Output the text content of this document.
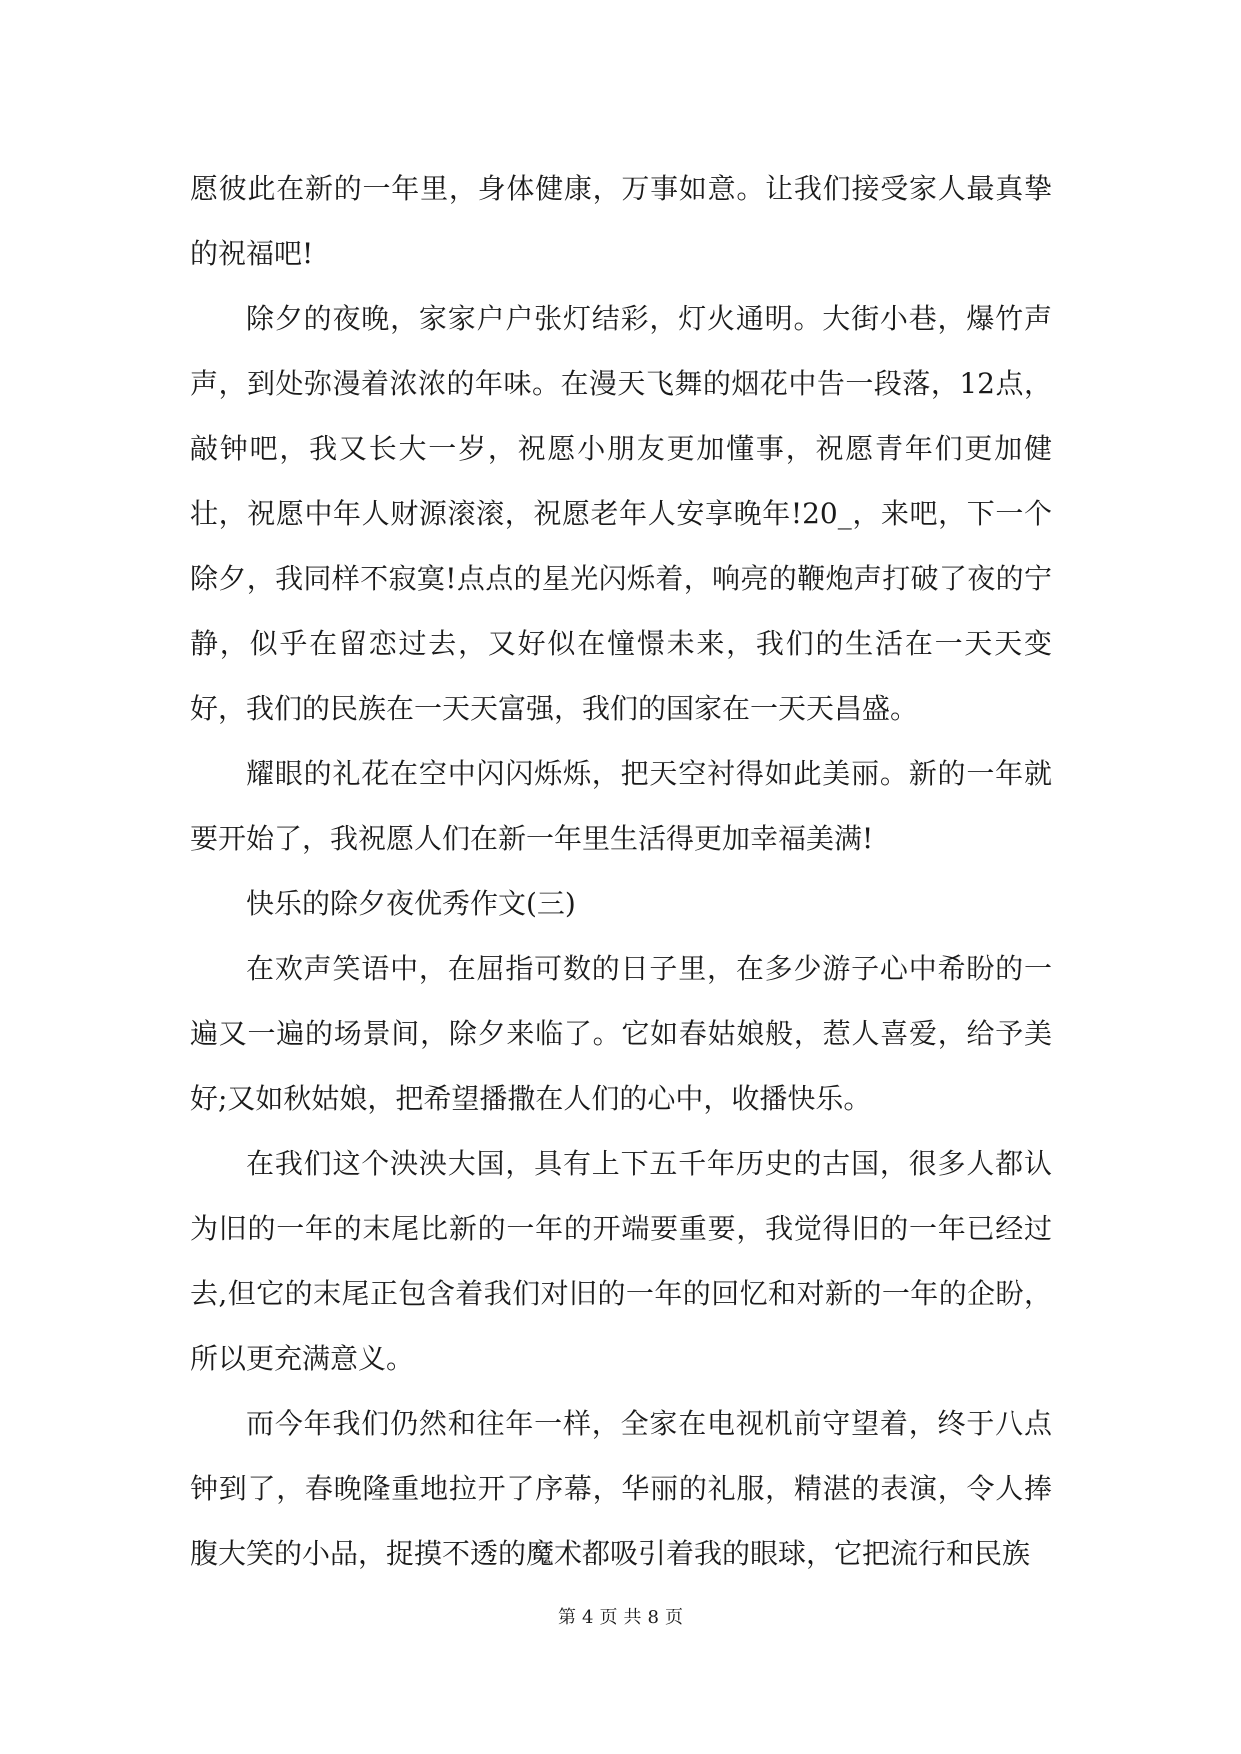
愿彼此在新的一年里，身体健康，万事如意。让我们接受家人最真挚的祝福吧!

除夕的夜晚，家家户户张灯结彩，灯火通明。大街小巷，爆竹声声，到处弥漫着浓浓的年味。在漫天飞舞的烟花中告一段落，12点，敲钟吧，我又长大一岁，祝愿小朋友更加懂事，祝愿青年们更加健壮，祝愿中年人财源滚滚，祝愿老年人安享晚年!20_，来吧，下一个除夕，我同样不寂寞!点点的星光闪烁着，响亮的鞭炮声打破了夜的宁静，似乎在留恋过去，又好似在憧憬未来，我们的生活在一天天变好，我们的民族在一天天富强，我们的国家在一天天昌盛。

耀眼的礼花在空中闪闪烁烁，把天空衬得如此美丽。新的一年就要开始了，我祝愿人们在新一年里生活得更加幸福美满!

快乐的除夕夜优秀作文(三)

在欢声笑语中，在屈指可数的日子里，在多少游子心中希盼的一遍又一遍的场景间，除夕来临了。它如春姑娘般，惹人喜爱，给予美好;又如秋姑娘，把希望播撒在人们的心中，收播快乐。

在我们这个泱泱大国，具有上下五千年历史的古国，很多人都认为旧的一年的末尾比新的一年的开端要重要，我觉得旧的一年已经过去,但它的末尾正包含着我们对旧的一年的回忆和对新的一年的企盼，所以更充满意义。

而今年我们仍然和往年一样，全家在电视机前守望着，终于八点钟到了，春晚隆重地拉开了序幕，华丽的礼服，精湛的表演，令人捧腹大笑的小品，捉摸不透的魔术都吸引着我的眼球，它把流行和民族

第 4 页 共 8 页
